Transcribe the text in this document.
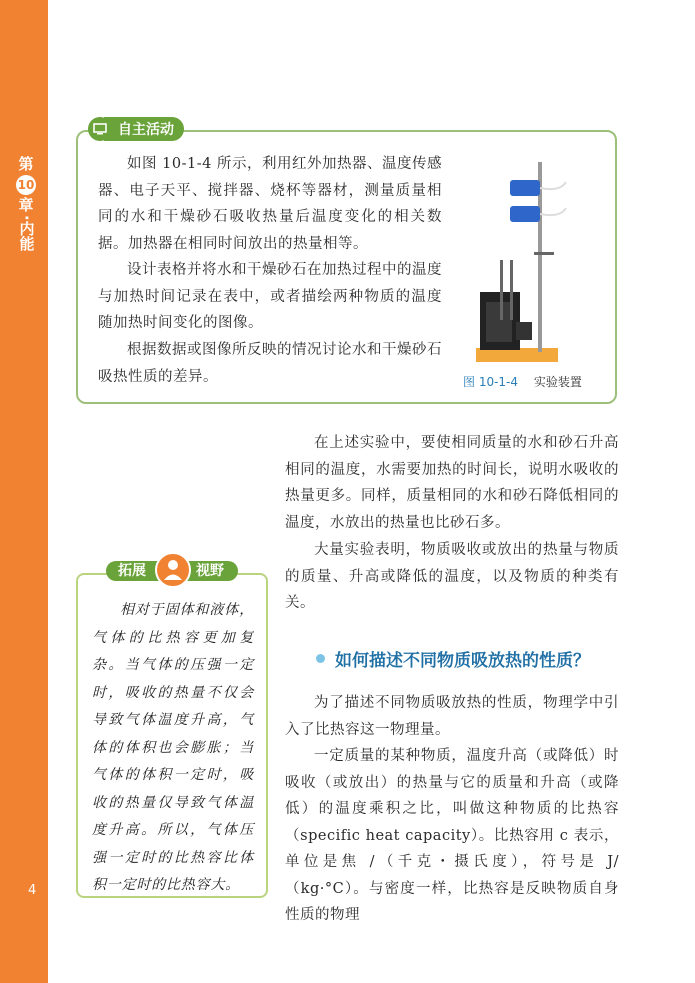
第
10
章
·内能
4
自主活动

如图 10-1-4 所示，利用红外加热器、温度传感器、电子天平、搅拌器、烧杯等器材，测量质量相同的水和干燥砂石吸收热量后温度变化的相关数据。加热器在相同时间放出的热量相等。

设计表格并将水和干燥砂石在加热过程中的温度与加热时间记录在表中，或者描绘两种物质的温度随加热时间变化的图像。

根据数据或图像所反映的情况讨论水和干燥砂石吸热性质的差异。	图 10-1-4 实验装置

在上述实验中，要使相同质量的水和砂石升高相同的温度，水需要加热的时间长，说明水吸收的热量更多。同样，质量相同的水和砂石降低相同的温度，水放出的热量也比砂石多。

大量实验表明，物质吸收或放出的热量与物质的质量、升高或降低的温度，以及物质的种类有关。

如何描述不同物质吸放热的性质？

为了描述不同物质吸放热的性质，物理学中引入了比热容这一物理量。

一定质量的某种物质，温度升高（或降低）时吸收（或放出）的热量与它的质量和升高（或降低）的温度乘积之比，叫做这种物质的比热容（specific heat capacity）。比热容用 c 表示，单位是焦 /（千克・摄氏度），符号是 J/（kg·°C）。与密度一样，比热容是反映物质自身性质的物理

拓展	视野

相对于固体和液体，气体的比热容更加复杂。当气体的压强一定时，吸收的热量不仅会导致气体温度升高，气体的体积也会膨胀；当气体的体积一定时，吸收的热量仅导致气体温度升高。所以，气体压强一定时的比热容比体积一定时的比热容大。
